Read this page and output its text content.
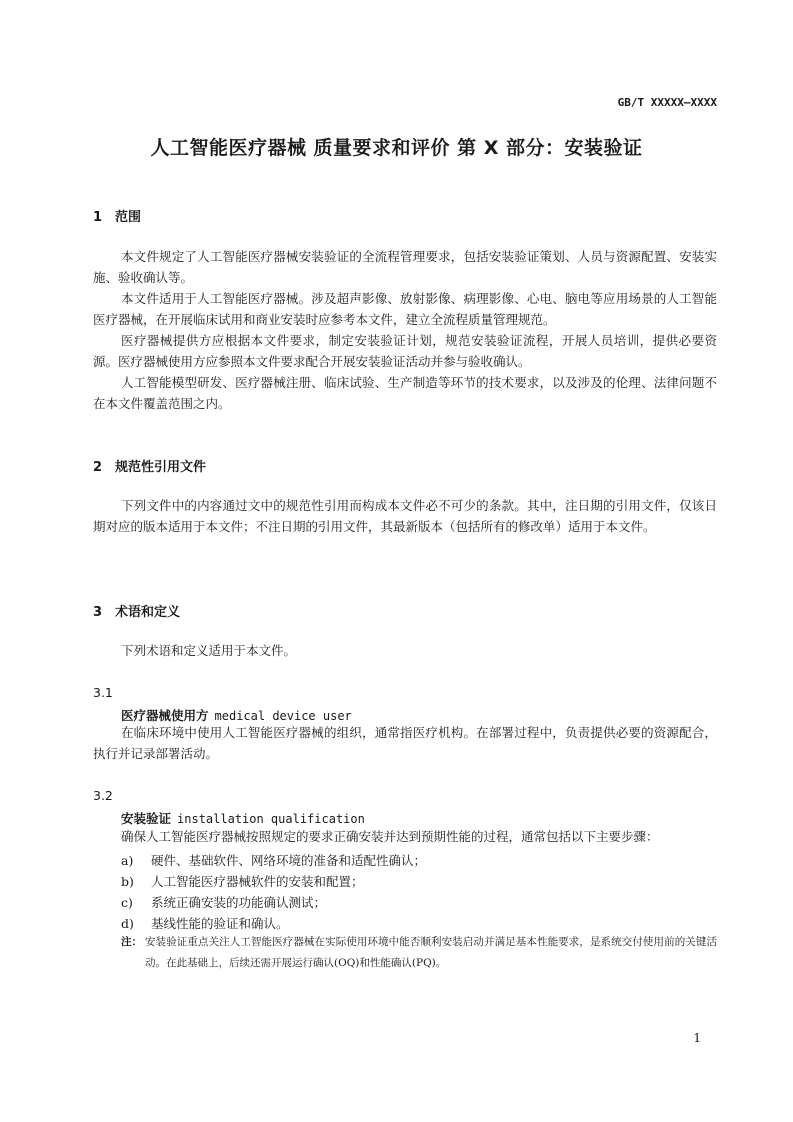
GB/T XXXXX—XXXX
人工智能医疗器械 质量要求和评价 第 X 部分：安装验证
1 范围

本文件规定了人工智能医疗器械安装验证的全流程管理要求，包括安装验证策划、人员与资源配置、安装实施、验收确认等。

本文件适用于人工智能医疗器械。涉及超声影像、放射影像、病理影像、心电、脑电等应用场景的人工智能医疗器械，在开展临床试用和商业安装时应参考本文件，建立全流程质量管理规范。

医疗器械提供方应根据本文件要求，制定安装验证计划，规范安装验证流程，开展人员培训，提供必要资源。医疗器械使用方应参照本文件要求配合开展安装验证活动并参与验收确认。

人工智能模型研发、医疗器械注册、临床试验、生产制造等环节的技术要求，以及涉及的伦理、法律问题不在本文件覆盖范围之内。

2 规范性引用文件

下列文件中的内容通过文中的规范性引用而构成本文件必不可少的条款。其中，注日期的引用文件，仅该日期对应的版本适用于本文件；不注日期的引用文件，其最新版本（包括所有的修改单）适用于本文件。

3 术语和定义

下列术语和定义适用于本文件。

3.1
医疗器械使用方 medical device user

在临床环境中使用人工智能医疗器械的组织，通常指医疗机构。在部署过程中，负责提供必要的资源配合，执行并记录部署活动。

3.2
安装验证 installation qualification

确保人工智能医疗器械按照规定的要求正确安装并达到预期性能的过程，通常包括以下主要步骤：

a) 硬件、基础软件、网络环境的准备和适配性确认；
b) 人工智能医疗器械软件的安装和配置；
c) 系统正确安装的功能确认测试；
d) 基线性能的验证和确认。
注： 安装验证重点关注人工智能医疗器械在实际使用环境中能否顺利安装启动并满足基本性能要求，是系统交付使用前的关键活动。在此基础上，后续还需开展运行确认(OQ)和性能确认(PQ)。
1
